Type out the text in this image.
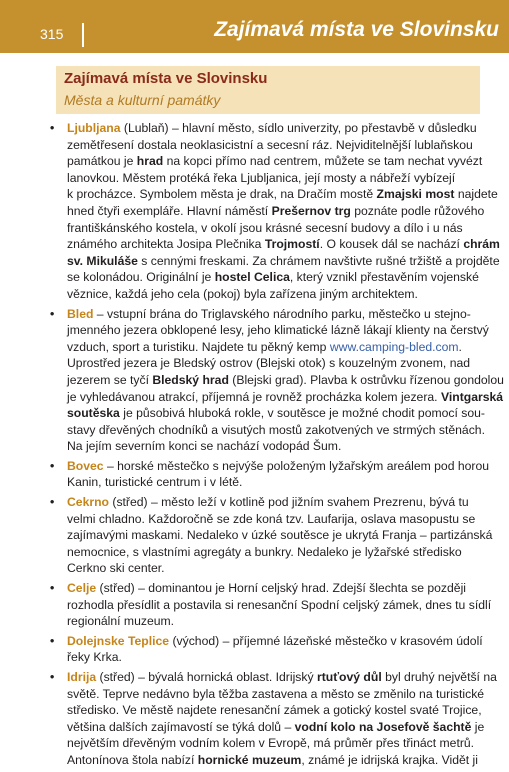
315	Zajímavá místa ve Slovinsku
Zajímavá místa ve Slovinsku
Města a kulturní památky
•	Ljubljana (Lublaň) – hlavní město, sídlo univerzity, po přestavbě v důsledku
zemětřesení dostala neoklasicistní a secesní ráz. Nejviditelnější lublaňskou
památkou je hrad na kopci přímo nad centrem, můžete se tam nechat vyvézt
lanovkou. Městem protéká řeka Ljubljanica, její mosty a nábřeží vybízejí
k procházce. Symbolem města je drak, na Dračím mostě Zmajski most najdete
hned čtyři exempláře. Hlavní náměstí Prešernov trg poznáte podle růžového
františkánského kostela, v okolí jsou krásné secesní budovy a dílo i u nás
známého architekta Josipa Plečnika Trojmostí. O kousek dál se nachází chrám
sv. Mikuláše s cennými freskami. Za chrámem navštivte rušné tržiště a projděte
se kolonádou. Originální je hostel Celica, který vznikl přestavěním vojenské
věznice, každá jeho cela (pokoj) byla zařízena jiným architektem.
•	Bled – vstupní brána do Triglavského národního parku, městečko u stejno-
jmenného jezera obklopené lesy, jeho klimatické lázně lákají klienty na čerstvý
vzduch, sport a turistiku. Najdete tu pěkný kemp www.camping-bled.com.
Uprostřed jezera je Bledský ostrov (Blejski otok) s kouzelným zvonem, nad
jezerem se tyčí Bledský hrad (Blejski grad). Plavba k ostrůvku řízenou gondolou
je vyhledávanou atrakcí, příjemná je rovněž procházka kolem jezera. Vintgarská
soutěska je působivá hluboká rokle, v soutěsce je možné chodit pomocí sou-
stavy dřevěných chodníků a visutých mostů zakotvených ve strmých stěnách.
Na jejím severním konci se nachází vodopád Šum.
•	Bovec – horské městečko s nejvýše položeným lyžařským areálem pod horou
Kanin, turistické centrum i v létě.
•	Cekrno (střed) – město leží v kotlině pod jižním svahem Prezrenu, bývá tu
velmi chladno. Každoročně se zde koná tzv. Laufarija, oslava masopustu se
zajímavými maskami. Nedaleko v úzké soutěsce je ukrytá Franja – partizánská
nemocnice, s vlastními agregáty a bunkry. Nedaleko je lyžařské středisko
Cerkno ski center.
•	Celje (střed) – dominantou je Horní celjský hrad. Zdejší šlechta se později
rozhodla přesídlit a postavila si renesanční Spodní celjský zámek, dnes tu sídlí
regionální muzeum.
•	Dolejnske Teplice (východ) – příjemné lázeňské městečko v krasovém údolí
řeky Krka.
•	Idrija (střed) – bývalá hornická oblast. Idrijský rtuťový důl byl druhý největší na
světě. Teprve nedávno byla těžba zastavena a město se změnilo na turistické
středisko. Ve městě najdete renesanční zámek a gotický kostel svaté Trojice,
většina dalších zajímavostí se týká dolů – vodní kolo na Josefově šachtě je
největším dřevěným vodním kolem v Evropě, má průměr přes třináct metrů.
Antonínova štola nabízí hornické muzeum, známé je idrijská krajka. Vidět ji
